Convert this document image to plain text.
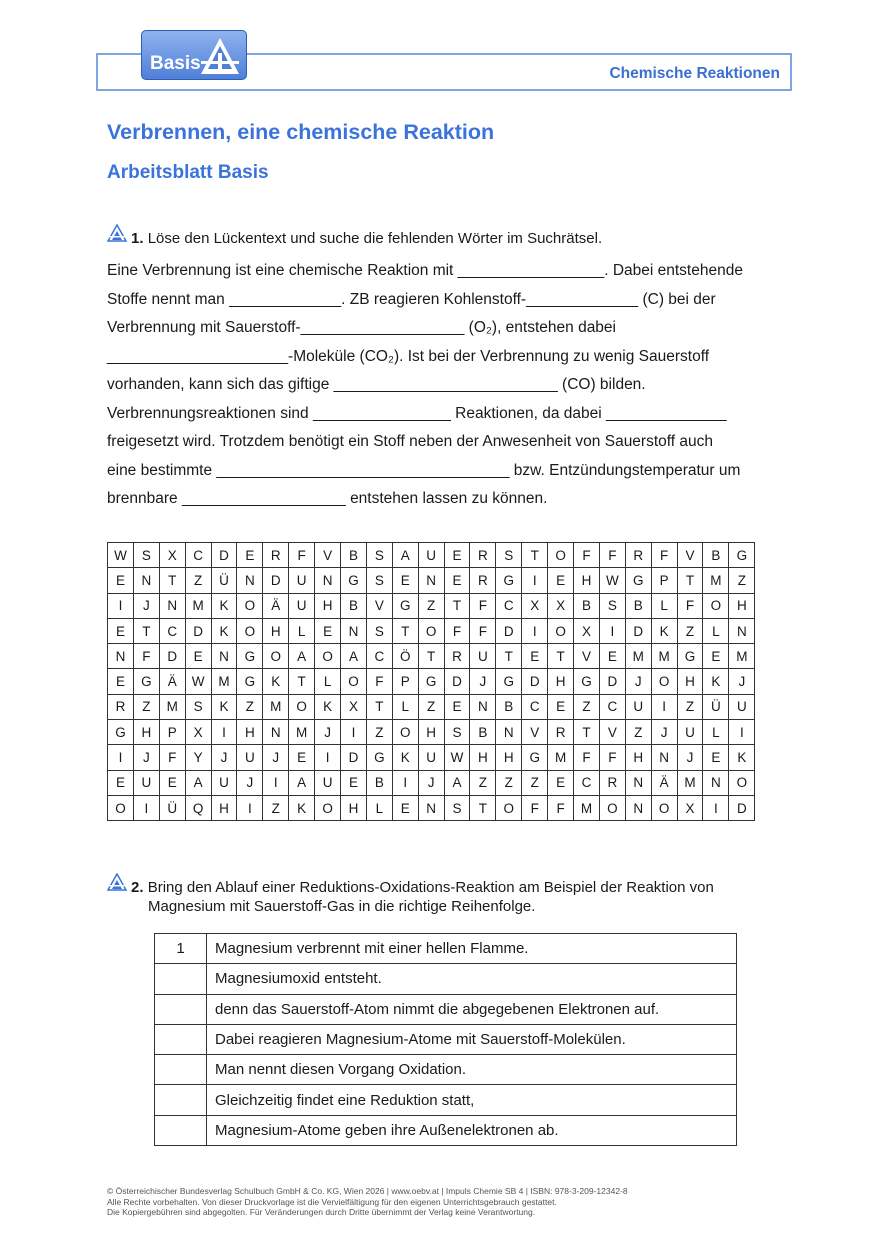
Chemische Reaktionen
Basis
Verbrennen, eine chemische Reaktion
Arbeitsblatt Basis
1. Löse den Lückentext und suche die fehlenden Wörter im Suchrätsel.

Eine Verbrennung ist eine chemische Reaktion mit _________________. Dabei entstehende

Stoffe nennt man _____________. ZB reagieren Kohlenstoff-_____________ (C) bei der

Verbrennung mit Sauerstoff-___________________ (O₂), entstehen dabei

_____________________-Moleküle (CO₂). Ist bei der Verbrennung zu wenig Sauerstoff

vorhanden, kann sich das giftige __________________________ (CO) bilden.

Verbrennungsreaktionen sind ________________ Reaktionen, da dabei ______________

freigesetzt wird. Trotzdem benötigt ein Stoff neben der Anwesenheit von Sauerstoff auch

eine bestimmte __________________________________ bzw. Entzündungstemperatur um

brennbare ___________________ entstehen lassen zu können.

W	S	X	C	D	E	R	F	V	B	S	A	U	E	R	S	T	O	F	F	R	F	V	B	G
E	N	T	Z	Ü	N	D	U	N	G	S	E	N	E	R	G	I	E	H	W	G	P	T	M	Z
I	J	N	M	K	O	Ä	U	H	B	V	G	Z	T	F	C	X	X	B	S	B	L	F	O	H
E	T	C	D	K	O	H	L	E	N	S	T	O	F	F	D	I	O	X	I	D	K	Z	L	N
N	F	D	E	N	G	O	A	O	A	C	Ö	T	R	U	T	E	T	V	E	M	M	G	E	M
E	G	Ä	W	M	G	K	T	L	O	F	P	G	D	J	G	D	H	G	D	J	O	H	K	J
R	Z	M	S	K	Z	M	O	K	X	T	L	Z	E	N	B	C	E	Z	C	U	I	Z	Ü	U
G	H	P	X	I	H	N	M	J	I	Z	O	H	S	B	N	V	R	T	V	Z	J	U	L	I
I	J	F	Y	J	U	J	E	I	D	G	K	U	W	H	H	G	M	F	F	H	N	J	E	K
E	U	E	A	U	J	I	A	U	E	B	I	J	A	Z	Z	Z	E	C	R	N	Ä	M	N	O
O	I	Ü	Q	H	I	Z	K	O	H	L	E	N	S	T	O	F	F	M	O	N	O	X	I	D
2. Bring den Ablauf einer Reduktions-Oxidations-Reaktion am Beispiel der Reaktion von
Magnesium mit Sauerstoff-Gas in die richtige Reihenfolge.
1	Magnesium verbrennt mit einer hellen Flamme.
	Magnesiumoxid entsteht.
	denn das Sauerstoff-Atom nimmt die abgegebenen Elektronen auf.
	Dabei reagieren Magnesium-Atome mit Sauerstoff-Molekülen.
	Man nennt diesen Vorgang Oxidation.
	Gleichzeitig findet eine Reduktion statt,
	Magnesium-Atome geben ihre Außenelektronen ab.
© Österreichischer Bundesverlag Schulbuch GmbH & Co. KG, Wien 2026 | www.oebv.at | Impuls Chemie SB 4 | ISBN: 978-3-209-12342-8
Alle Rechte vorbehalten. Von dieser Druckvorlage ist die Vervielfältigung für den eigenen Unterrichtsgebrauch gestattet.
Die Kopiergebühren sind abgegolten. Für Veränderungen durch Dritte übernimmt der Verlag keine Verantwortung.
